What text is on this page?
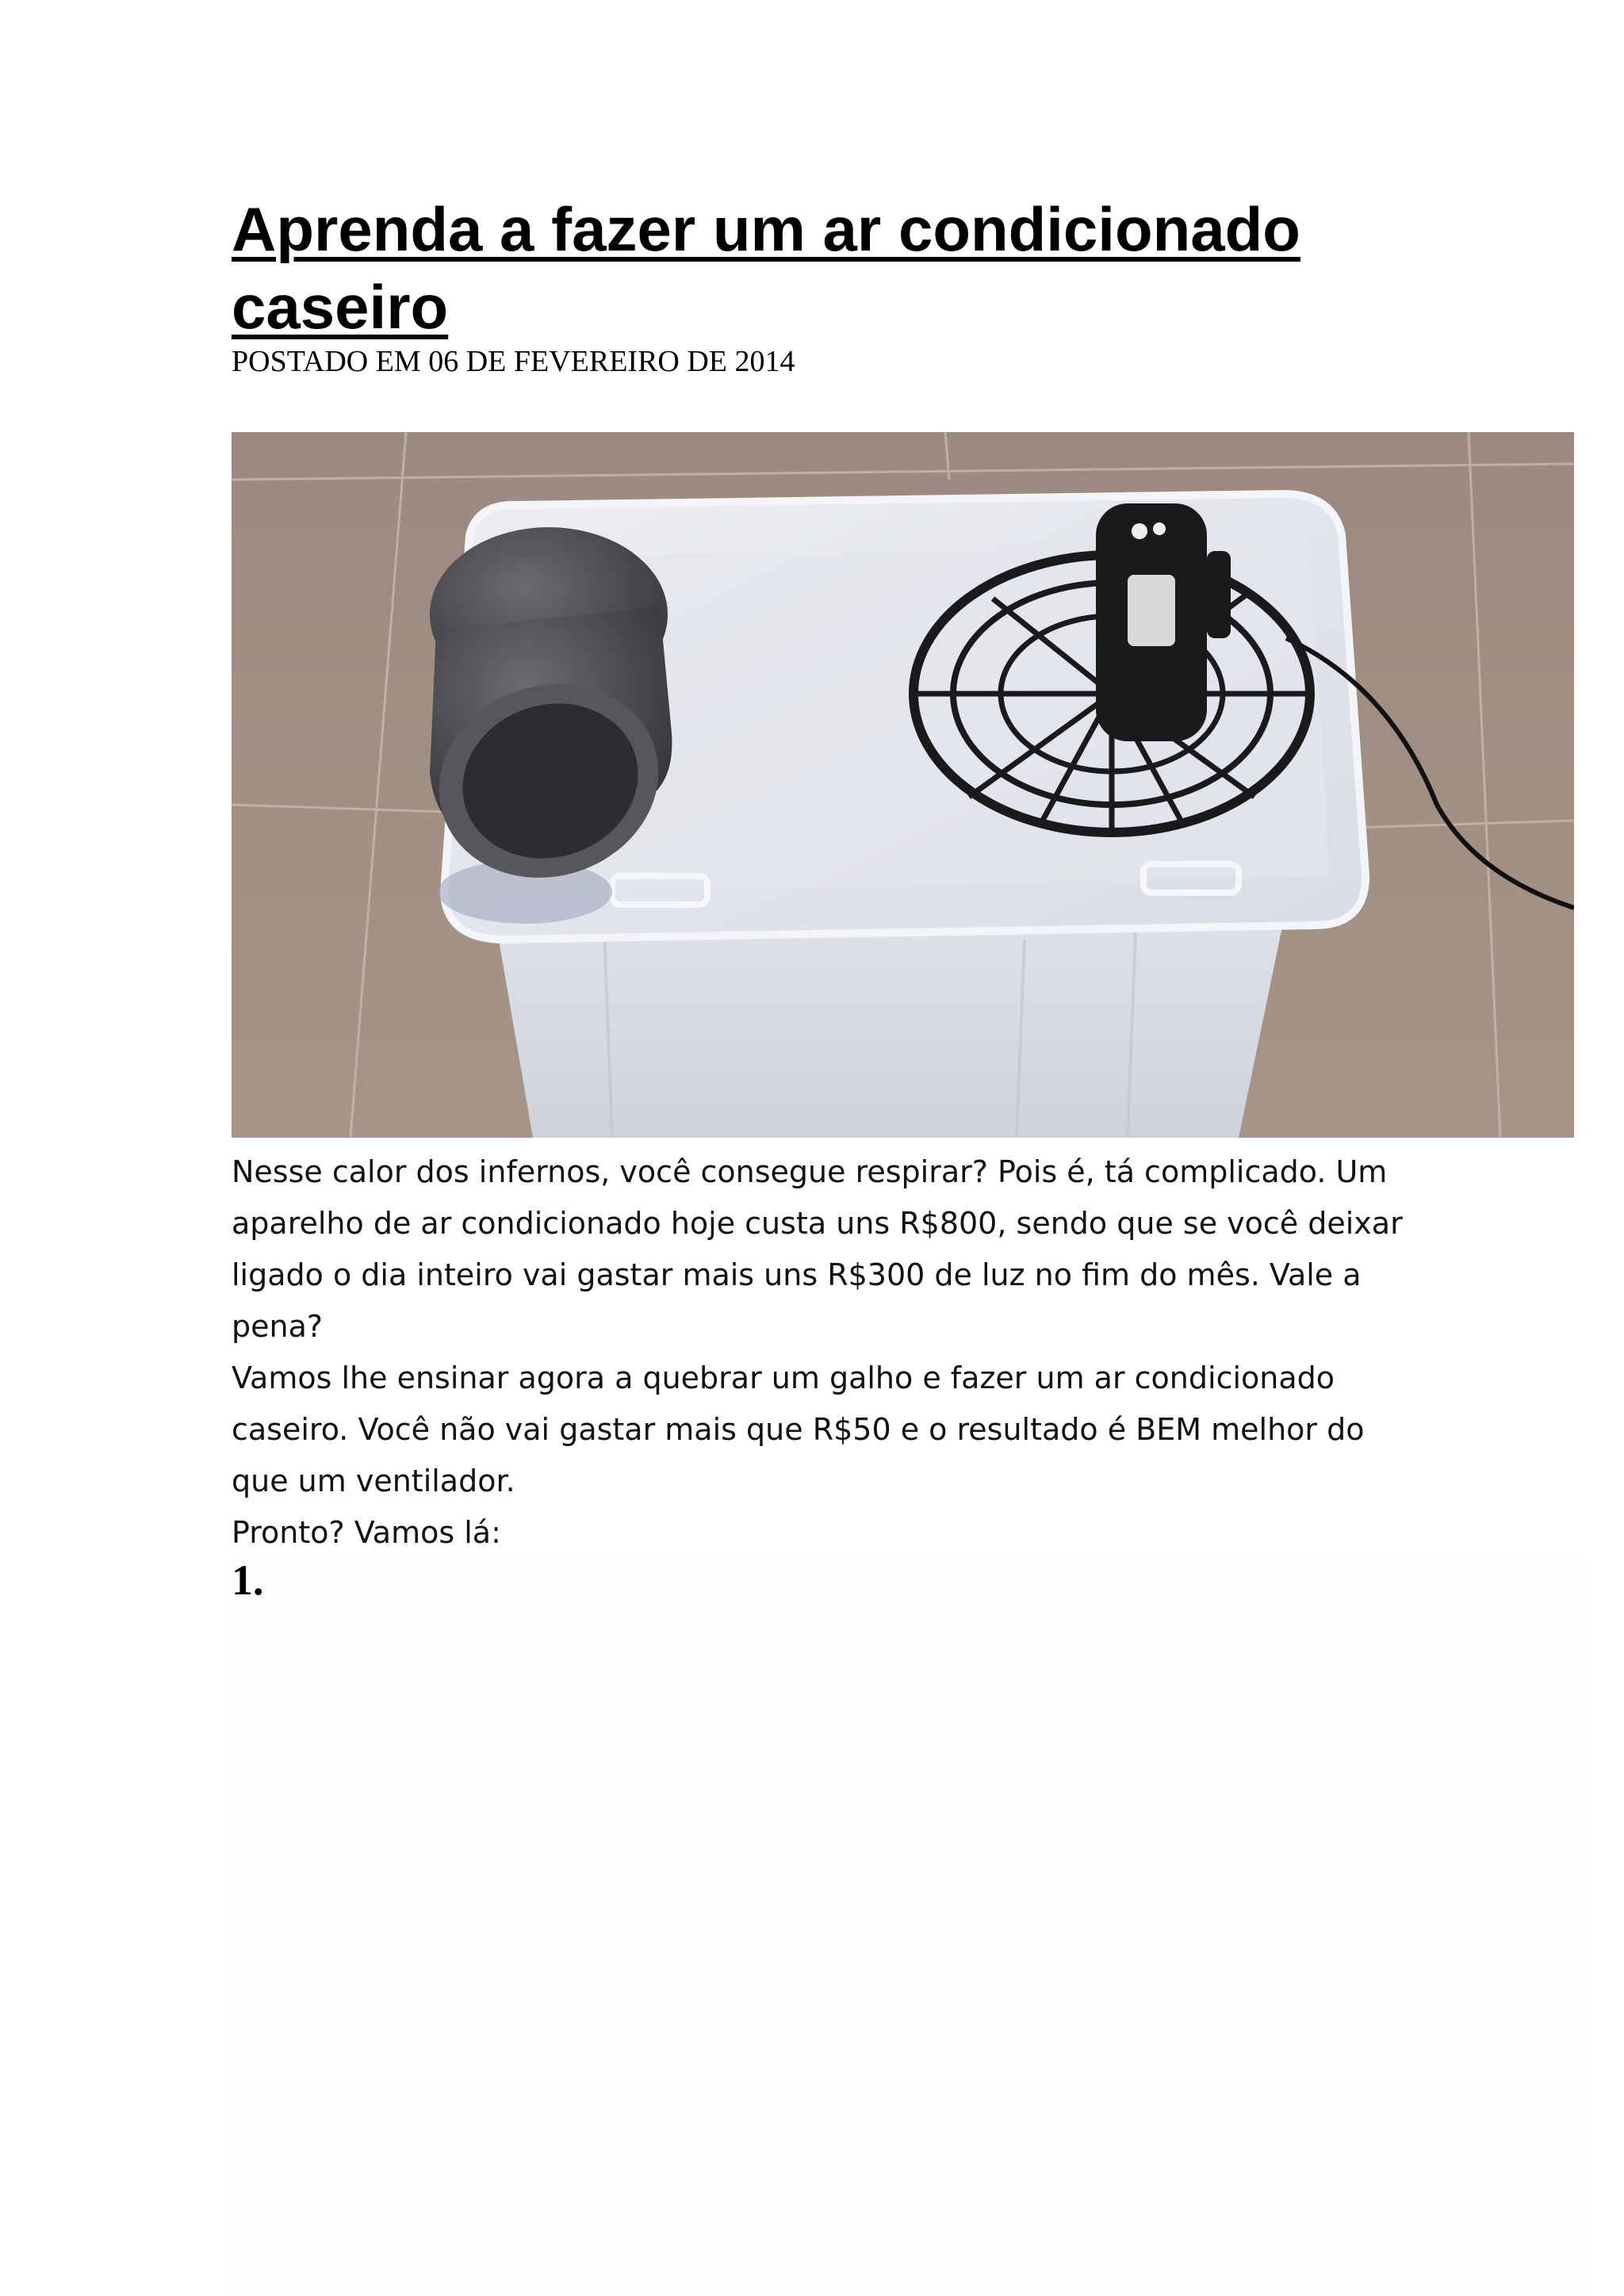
Aprenda a fazer um ar condicionado caseiro
POSTADO EM 06 DE FEVEREIRO DE 2014

Nesse calor dos infernos, você consegue respirar? Pois é, tá complicado. Um aparelho de ar condicionado hoje custa uns R$800, sendo que se você deixar ligado o dia inteiro vai gastar mais uns R$300 de luz no fim do mês. Vale a pena?

Vamos lhe ensinar agora a quebrar um galho e fazer um ar condicionado caseiro. Você não vai gastar mais que R$50 e o resultado é BEM melhor do que um ventilador.

Pronto? Vamos lá:

1.
